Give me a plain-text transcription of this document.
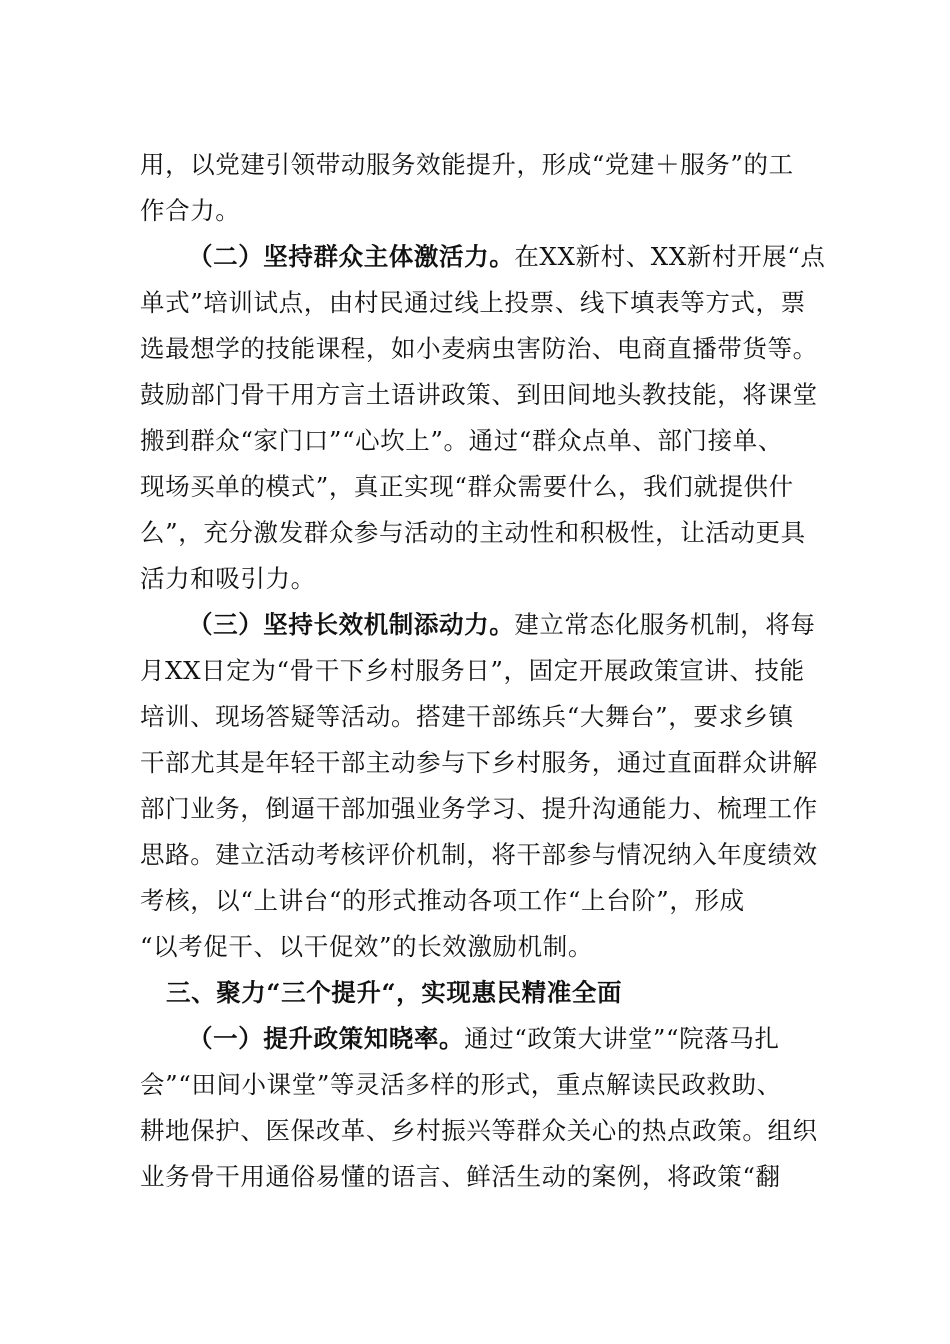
用，以党建引领带动服务效能提升，形成“党建＋服务”的工
作合力。
（二）坚持群众主体激活力。在XX新村、XX新村开展“点
单式”培训试点，由村民通过线上投票、线下填表等方式，票
选最想学的技能课程，如小麦病虫害防治、电商直播带货等。
鼓励部门骨干用方言土语讲政策、到田间地头教技能，将课堂
搬到群众“家门口”“心坎上”。通过“群众点单、部门接单、
现场买单的模式”，真正实现“群众需要什么，我们就提供什
么”，充分激发群众参与活动的主动性和积极性，让活动更具
活力和吸引力。
（三）坚持长效机制添动力。建立常态化服务机制，将每
月XX日定为“骨干下乡村服务日”，固定开展政策宣讲、技能
培训、现场答疑等活动。搭建干部练兵“大舞台”，要求乡镇
干部尤其是年轻干部主动参与下乡村服务，通过直面群众讲解
部门业务，倒逼干部加强业务学习、提升沟通能力、梳理工作
思路。建立活动考核评价机制，将干部参与情况纳入年度绩效
考核，以“上讲台“的形式推动各项工作“上台阶”，形成
“以考促干、以干促效”的长效激励机制。
三、聚力“三个提升“，实现惠民精准全面
（一）提升政策知晓率。通过“政策大讲堂”“院落马扎
会”“田间小课堂”等灵活多样的形式，重点解读民政救助、
耕地保护、医保改革、乡村振兴等群众关心的热点政策。组织
业务骨干用通俗易懂的语言、鲜活生动的案例，将政策“翻
